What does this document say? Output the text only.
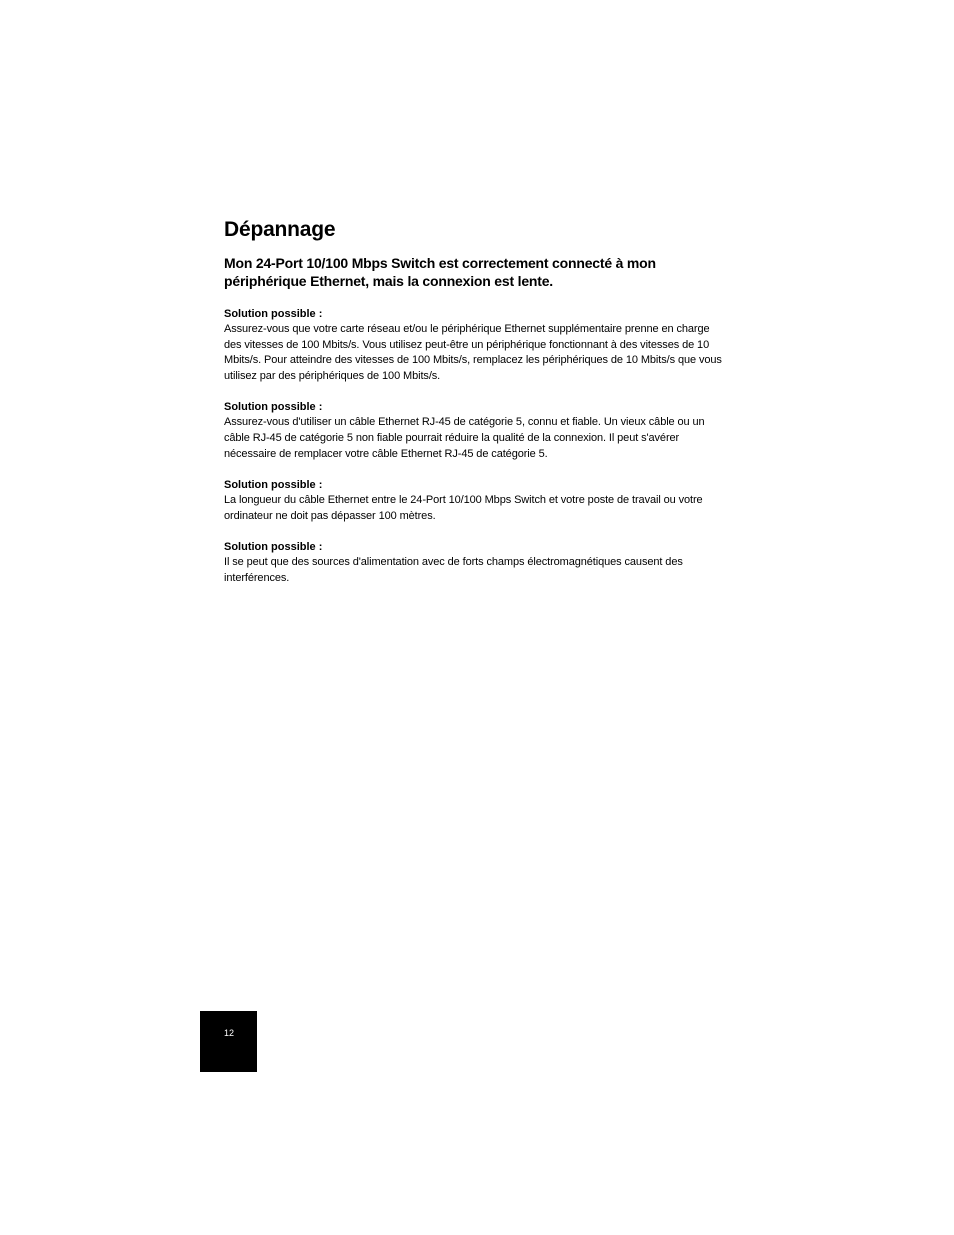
Dépannage
Mon 24-Port 10/100 Mbps Switch est correctement connecté à mon périphérique Ethernet, mais la connexion est lente.

Solution possible :

Assurez-vous que votre carte réseau et/ou le périphérique Ethernet supplémentaire prenne en charge des vitesses de 100 Mbits/s. Vous utilisez peut-être un périphérique fonctionnant à des vitesses de 10 Mbits/s. Pour atteindre des vitesses de 100 Mbits/s, remplacez les périphériques de 10 Mbits/s que vous utilisez par des périphériques de 100 Mbits/s.

Solution possible :

Assurez-vous d'utiliser un câble Ethernet RJ-45 de catégorie 5, connu et fiable. Un vieux câble ou un câble RJ-45 de catégorie 5 non fiable pourrait réduire la qualité de la connexion. Il peut s'avérer nécessaire de remplacer votre câble Ethernet RJ-45 de catégorie 5.

Solution possible :

La longueur du câble Ethernet entre le 24-Port 10/100 Mbps Switch et votre poste de travail ou votre ordinateur ne doit pas dépasser 100 mètres.

Solution possible :

Il se peut que des sources d'alimentation avec de forts champs électromagnétiques causent des interférences.

12
